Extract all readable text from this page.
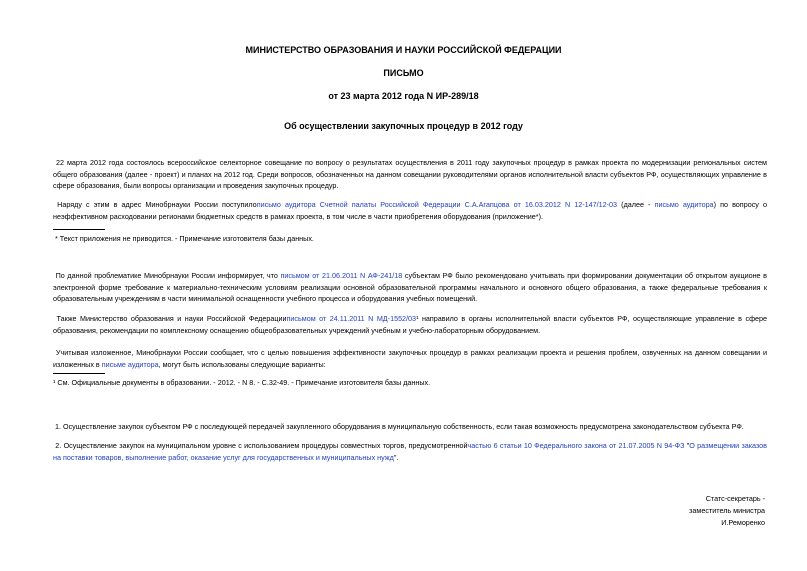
МИНИСТЕРСТВО ОБРАЗОВАНИЯ И НАУКИ РОССИЙСКОЙ ФЕДЕРАЦИИ
ПИСЬМО
от 23 марта 2012 года N ИР-289/18
Об осуществлении закупочных процедур в 2012 году
22 марта 2012 года состоялось всероссийское селекторное совещание по вопросу о результатах осуществления в 2011 году закупочных процедур в рамках проекта по модернизации региональных систем общего образования (далее - проект) и планах на 2012 год. Среди вопросов, обозначенных на данном совещании руководителями органов исполнительной власти субъектов РФ, осуществляющих управление в сфере образования, были вопросы организации и проведения закупочных процедур.
Наряду с этим в адрес Минобрнауки России поступилописьмо аудитора Счетной палаты Российской Федерации С.А.Агапцова от 16.03.2012 N 12-147/12-03 (далее - письмо аудитора) по вопросу о неэффективном расходовании регионами бюджетных средств в рамках проекта, в том числе в части приобретения оборудования (приложение*).
* Текст приложения не приводится. - Примечание изготовителя базы данных.
По данной проблематике Минобрнауки России информирует, что письмом от 21.06.2011 N АФ-241/18 субъектам РФ было рекомендовано учитывать при формировании документации об открытом аукционе в электронной форме требование к материально-техническим условиям реализации основной образовательной программы начального и основного общего образования, а также федеральные требования к образовательным учреждениям в части минимальной оснащенности учебного процесса и оборудования учебных помещений.
Также Министерство образования и науки Российской Федерацииписьмом от 24.11.2011 N МД-1552/03¹ направило в органы исполнительной власти субъектов РФ, осуществляющие управление в сфере образования, рекомендации по комплексному оснащению общеобразовательных учреждений учебным и учебно-лабораторным оборудованием.
Учитывая изложенное, Минобрнауки России сообщает, что с целью повышения эффективности закупочных процедур в рамках реализации проекта и решения проблем, озвученных на данном совещании и изложенных в письме аудитора, могут быть использованы следующие варианты:
¹ См. Официальные документы в образовании. - 2012. - N 8. - С.32-49. - Примечание изготовителя базы данных.
1. Осуществление закупок субъектом РФ с последующей передачей закупленного оборудования в муниципальную собственность, если такая возможность предусмотрена законодательством субъекта РФ.
2. Осуществление закупок на муниципальном уровне с использованием процедуры совместных торгов, предусмотреннойчастью 6 статьи 10 Федерального закона от 21.07.2005 N 94-ФЗ "О размещении заказов на поставки товаров, выполнение работ, оказание услуг для государственных и муниципальных нужд".
Статс-секретарь -
заместитель министра
И.Реморенко
